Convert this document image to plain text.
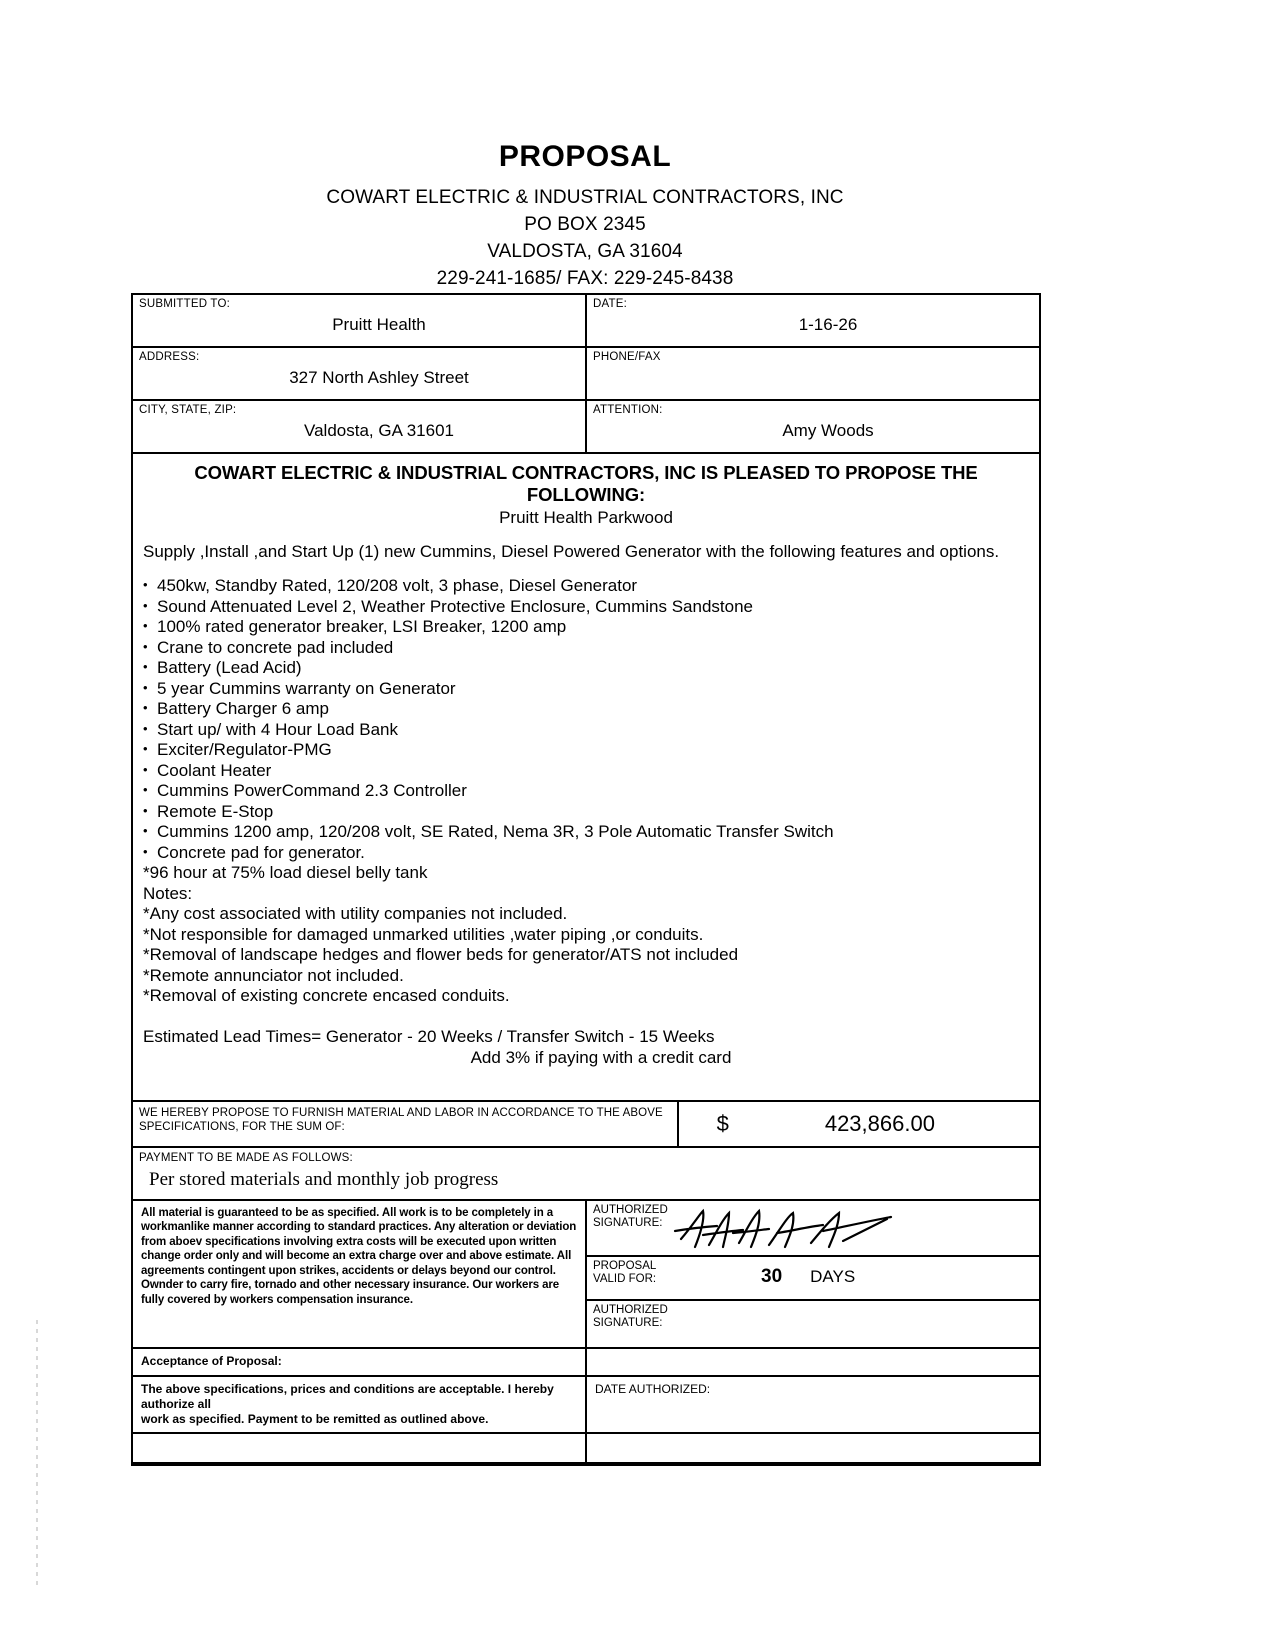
PROPOSAL
COWART ELECTRIC & INDUSTRIAL CONTRACTORS, INC
PO BOX 2345
VALDOSTA, GA 31604
229-241-1685/ FAX: 229-245-8438
SUBMITTED TO:
Pruitt Health
DATE:
1-16-26
ADDRESS:
327 North Ashley Street
PHONE/FAX
CITY, STATE, ZIP:
Valdosta, GA 31601
ATTENTION:
Amy Woods
COWART ELECTRIC & INDUSTRIAL CONTRACTORS, INC IS PLEASED TO PROPOSE THE FOLLOWING:
Pruitt Health Parkwood
Supply ,Install ,and Start Up (1) new Cummins, Diesel Powered Generator with the following features and options.
• 450kw, Standby Rated, 120/208 volt, 3 phase, Diesel Generator
• Sound Attenuated Level 2, Weather Protective Enclosure, Cummins Sandstone
• 100% rated generator breaker, LSI Breaker, 1200 amp
• Crane to concrete pad included
• Battery (Lead Acid)
• 5 year Cummins warranty on Generator
• Battery Charger 6 amp
• Start up/ with 4 Hour Load Bank
• Exciter/Regulator-PMG
• Coolant Heater
• Cummins PowerCommand 2.3 Controller
• Remote E-Stop
• Cummins 1200 amp, 120/208 volt, SE Rated, Nema 3R, 3 Pole Automatic Transfer Switch
• Concrete pad for generator.

*96 hour at 75% load diesel belly tank

Notes:

*Any cost associated with utility companies not included.

*Not responsible for damaged unmarked utilities ,water piping ,or conduits.

*Removal of landscape hedges and flower beds for generator/ATS not included

*Remote annunciator not included.

*Removal of existing concrete encased conduits.

Estimated Lead Times= Generator - 20 Weeks / Transfer Switch - 15 Weeks
Add 3% if paying with a credit card
WE HEREBY PROPOSE TO FURNISH MATERIAL AND LABOR IN ACCORDANCE TO THE ABOVE
SPECIFICATIONS, FOR THE SUM OF:	$	423,866.00
PAYMENT TO BE MADE AS FOLLOWS:
Per stored materials and monthly job progress

All material is guaranteed to be as specified. All work is to be completely in a workmanlike manner according to standard practices. Any alteration or deviation from aboev specifications involving extra costs will be executed upon written change order only and will become an extra charge over and above estimate. All agreements contingent upon strikes, accidents or delays beyond our control. Ownder to carry fire, tornado and other necessary insurance. Our workers are fully covered by workers compensation insurance.

AUTHORIZED
SIGNATURE:
PROPOSAL
VALID FOR:	30	DAYS
AUTHORIZED
SIGNATURE:
Acceptance of Proposal:
The above specifications, prices and conditions are acceptable. I hereby authorize all
work as specified. Payment to be remitted as outlined above.
DATE AUTHORIZED:
